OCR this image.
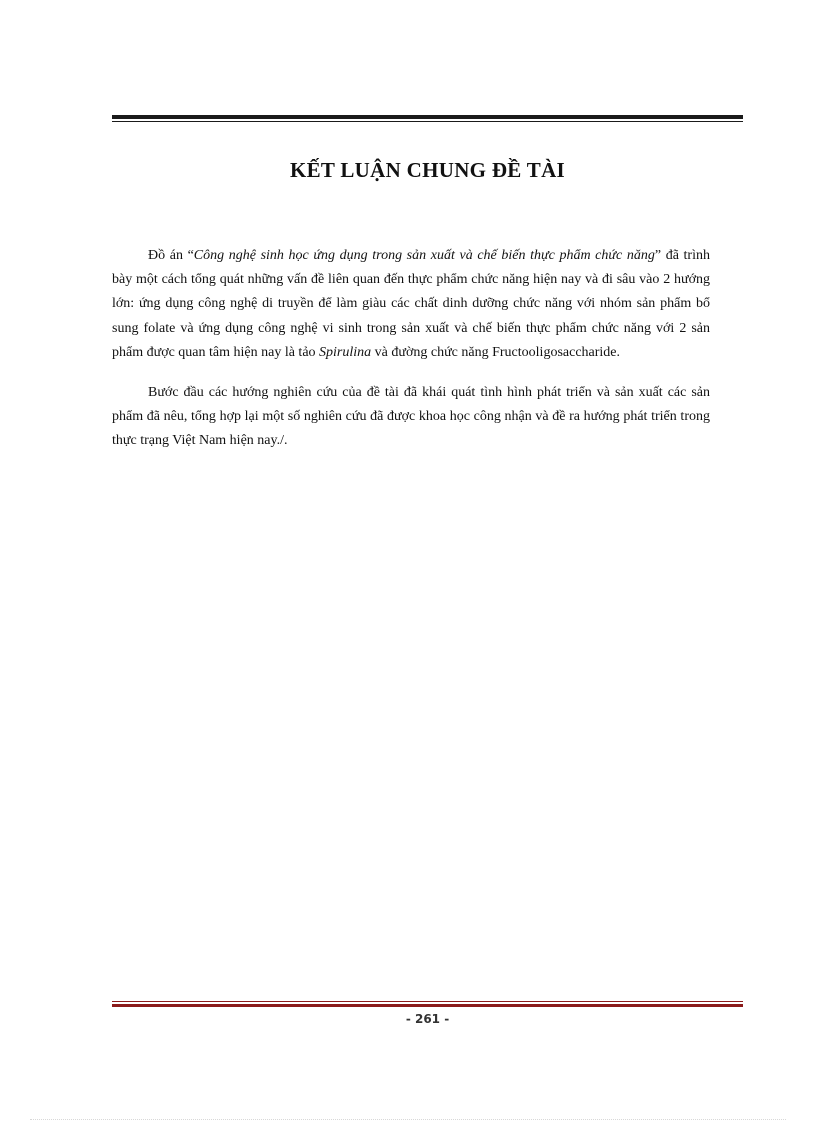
KẾT LUẬN CHUNG ĐỀ TÀI

Đồ án “Công nghệ sinh học ứng dụng trong sản xuất và chế biến thực phẩm chức năng” đã trình bày một cách tổng quát những vấn đề liên quan đến thực phẩm chức năng hiện nay và đi sâu vào 2 hướng lớn: ứng dụng công nghệ di truyền để làm giàu các chất dinh dưỡng chức năng với nhóm sản phẩm bổ sung folate và ứng dụng công nghệ vi sinh trong sản xuất và chế biến thực phẩm chức năng với 2 sản phẩm được quan tâm hiện nay là tảo Spirulina và đường chức năng Fructooligosaccharide.

Bước đầu các hướng nghiên cứu của đề tài đã khái quát tình hình phát triển và sản xuất các sản phẩm đã nêu, tổng hợp lại một số nghiên cứu đã được khoa học công nhận và đề ra hướng phát triển trong thực trạng Việt Nam hiện nay./.

- 261 -
